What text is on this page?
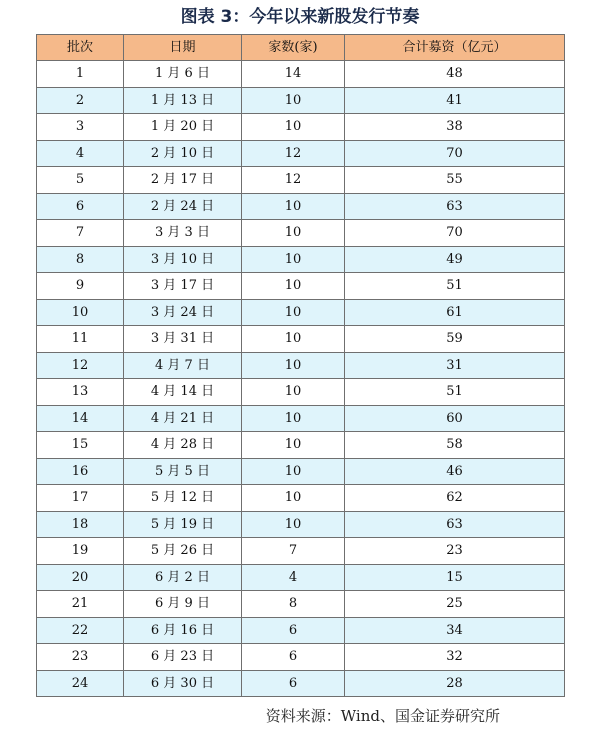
图表 3：今年以来新股发行节奏
批次	日期	家数(家)	合计募资（亿元）
1	1 月 6 日	14	48
2	1 月 13 日	10	41
3	1 月 20 日	10	38
4	2 月 10 日	12	70
5	2 月 17 日	12	55
6	2 月 24 日	10	63
7	3 月 3 日	10	70
8	3 月 10 日	10	49
9	3 月 17 日	10	51
10	3 月 24 日	10	61
11	3 月 31 日	10	59
12	4 月 7 日	10	31
13	4 月 14 日	10	51
14	4 月 21 日	10	60
15	4 月 28 日	10	58
16	5 月 5 日	10	46
17	5 月 12 日	10	62
18	5 月 19 日	10	63
19	5 月 26 日	7	23
20	6 月 2 日	4	15
21	6 月 9 日	8	25
22	6 月 16 日	6	34
23	6 月 23 日	6	32
24	6 月 30 日	6	28
资料来源：Wind、国金证券研究所
